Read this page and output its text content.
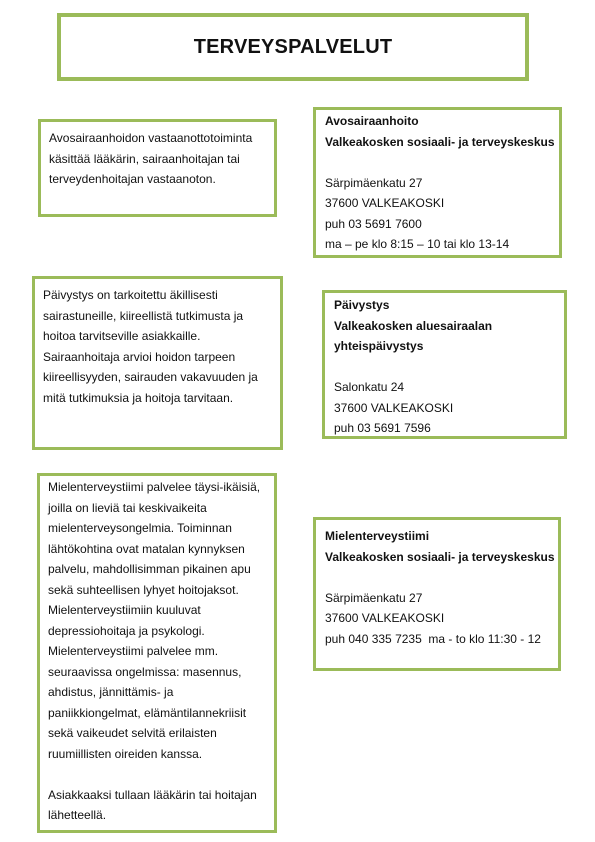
TERVEYSPALVELUT

Avosairaanhoidon vastaanottotoiminta

käsittää lääkärin, sairaanhoitajan tai

terveydenhoitajan vastaanoton.

Avosairaanhoito

Valkeakosken sosiaali- ja terveyskeskus

Särpimäenkatu 27

37600 VALKEAKOSKI

puh 03 5691 7600

ma – pe klo 8:15 – 10 tai klo 13-14

Päivystys on tarkoitettu äkillisesti

sairastuneille, kiireellistä tutkimusta ja

hoitoa tarvitseville asiakkaille.

Sairaanhoitaja arvioi hoidon tarpeen

kiireellisyyden, sairauden vakavuuden ja

mitä tutkimuksia ja hoitoja tarvitaan.

Päivystys

Valkeakosken aluesairaalan

yhteispäivystys

Salonkatu 24

37600 VALKEAKOSKI

puh 03 5691 7596

Mielenterveystiimi palvelee täysi-ikäisiä,

joilla on lieviä tai keskivaikeita

mielenterveysongelmia. Toiminnan

lähtökohtina ovat matalan kynnyksen

palvelu, mahdollisimman pikainen apu

sekä suhteellisen lyhyet hoitojaksot.

Mielenterveystiimiin kuuluvat

depressiohoitaja ja psykologi.

Mielenterveystiimi palvelee mm.

seuraavissa ongelmissa: masennus,

ahdistus, jännittämis- ja

paniikkiongelmat, elämäntilannekriisit

sekä vaikeudet selvitä erilaisten

ruumiillisten oireiden kanssa.

Asiakkaaksi tullaan lääkärin tai hoitajan

lähetteellä.

Mielenterveystiimi

Valkeakosken sosiaali- ja terveyskeskus

Särpimäenkatu 27

37600 VALKEAKOSKI

puh 040 335 7235  ma - to klo 11:30 - 12
